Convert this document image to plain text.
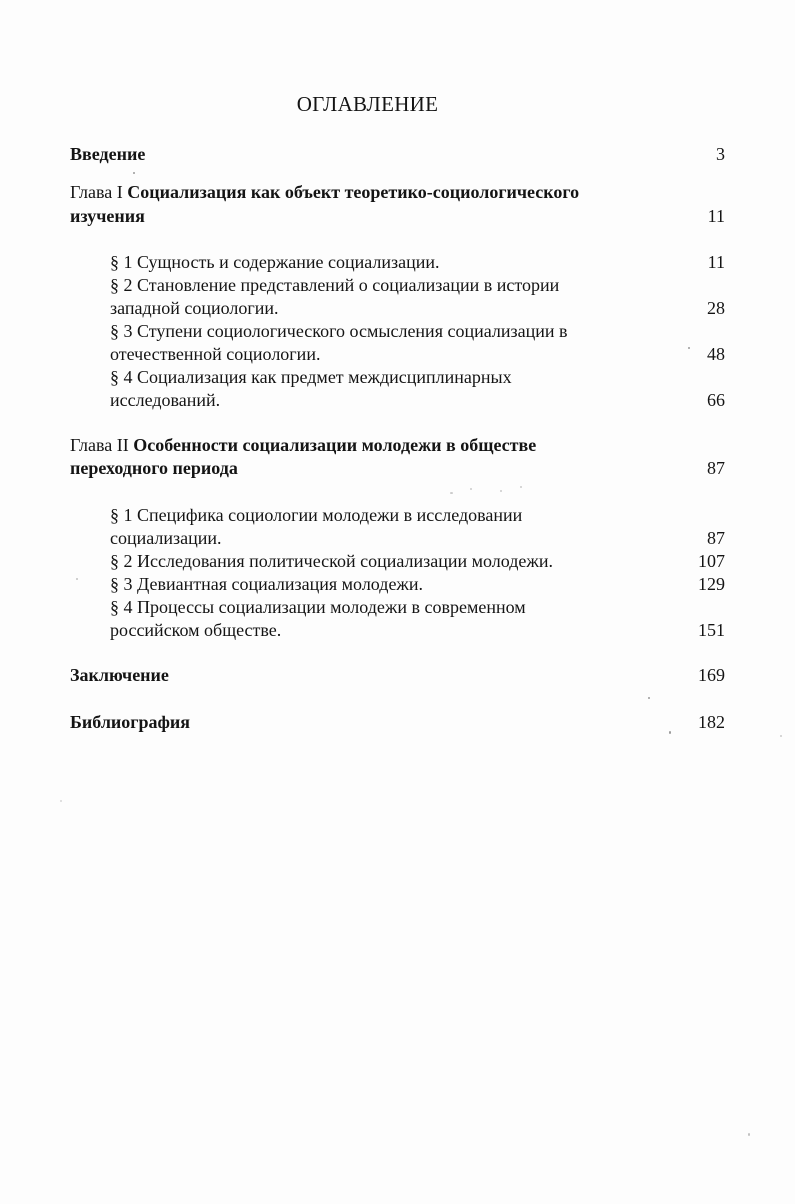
ОГЛАВЛЕНИЕ
Введение	3
Глава I Социализация как объект теоретико-социологического
изучения	11
§ 1 Сущность и содержание социализации.	11
§ 2 Становление представлений о социализации в истории
западной социологии.	28
§ 3 Ступени социологического осмысления социализации в
отечественной социологии.	48
§ 4 Социализация как предмет междисциплинарных
исследований.	66
Глава II Особенности социализации молодежи в обществе
переходного периода	87
§ 1 Специфика социологии молодежи в исследовании
социализации.	87
§ 2 Исследования политической социализации молодежи.	107
§ 3 Девиантная социализация молодежи.	129
§ 4 Процессы социализации молодежи в современном
российском обществе.	151
Заключение	169
Библиография	182
